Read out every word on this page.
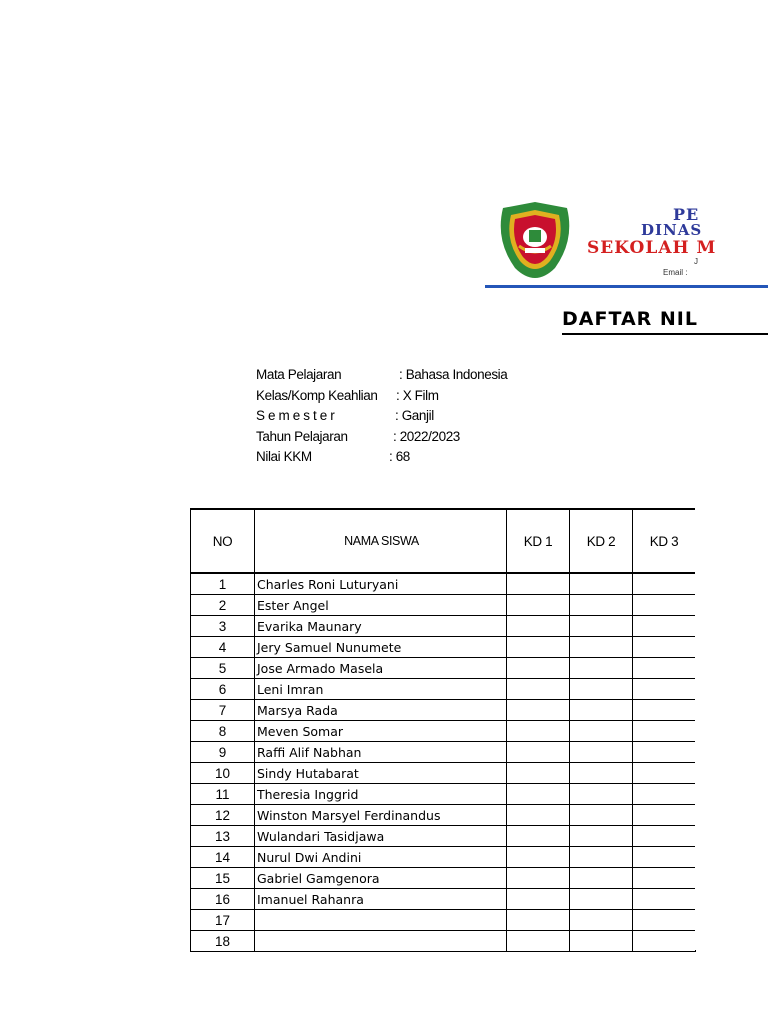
PE
DINAS
SEKOLAH M
J
Email :
DAFTAR NIL
Mata Pelajaran	: Bahasa Indonesia
Kelas/Komp Keahlian : X Film
Semester	: Ganjil
Tahun Pelajaran	: 2022/2023
Nilai KKM	: 68
NO	NAMA SISWA	KD 1	KD 2	KD 3
1	Charles Roni Luturyani			
2	Ester Angel			
3	Evarika Maunary			
4	Jery Samuel Nunumete			
5	Jose Armado Masela			
6	Leni Imran			
7	Marsya Rada			
8	Meven Somar			
9	Raffi Alif Nabhan			
10	Sindy Hutabarat			
11	Theresia Inggrid			
12	Winston Marsyel Ferdinandus			
13	Wulandari Tasidjawa			
14	Nurul Dwi Andini			
15	Gabriel Gamgenora			
16	Imanuel Rahanra			
17				
18				
